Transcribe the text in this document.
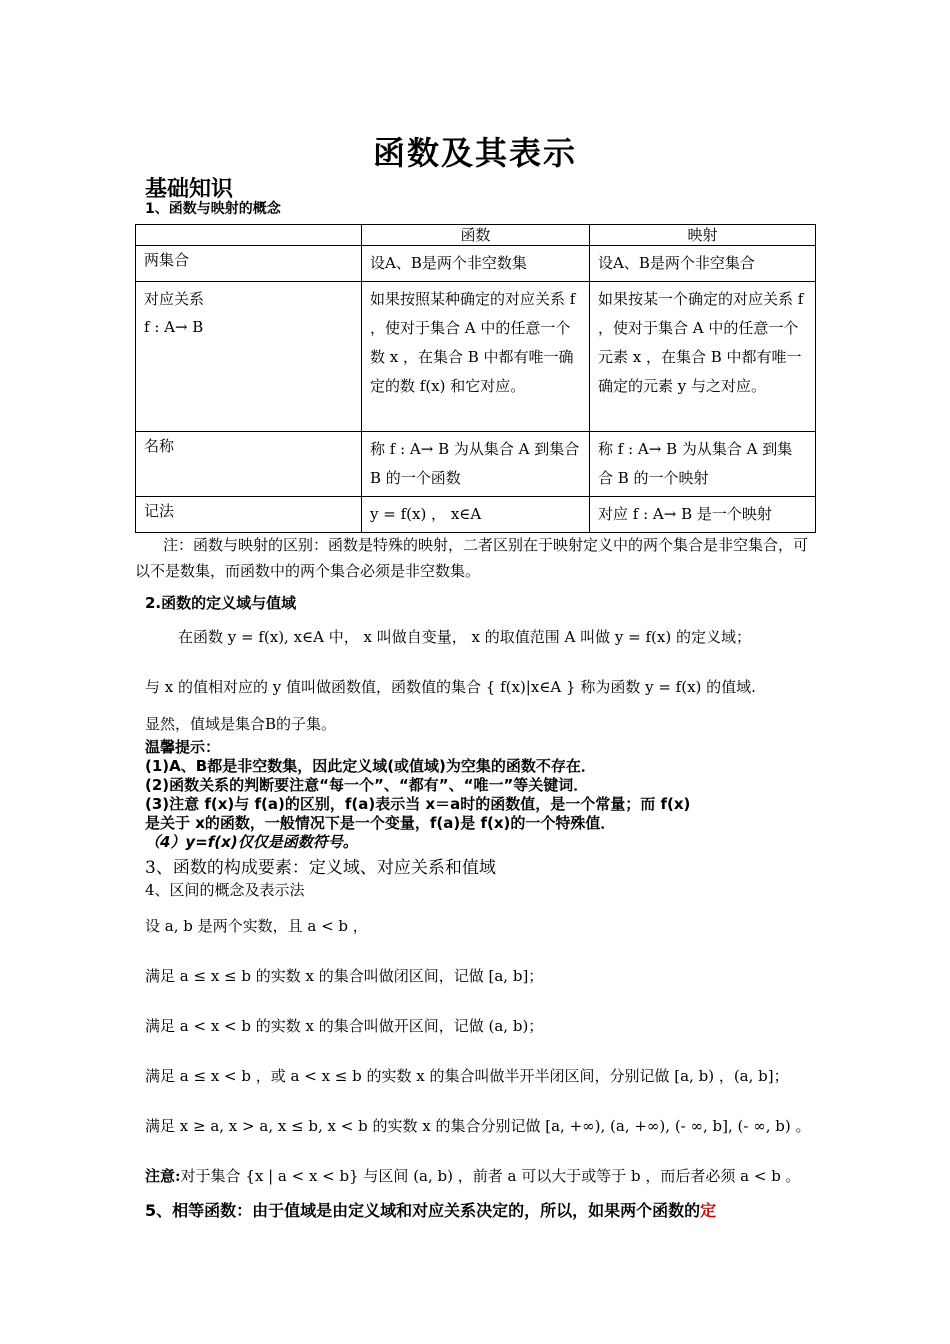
函数及其表示
基础知识
1、函数与映射的概念
	函数	映射
两集合	设A、B是两个非空数集	设A、B是两个非空集合
对应关系
f : A→ B	如果按照某种确定的对应关系 f ，使对于集合 A 中的任意一个数 x ，在集合 B 中都有唯一确定的数 f(x) 和它对应。	如果按某一个确定的对应关系 f ，使对于集合 A 中的任意一个元素 x ，在集合 B 中都有唯一确定的元素 y 与之对应。
名称	称 f : A→ B 为从集合 A 到集合 B 的一个函数	称 f : A→ B 为从集合 A 到集合 B 的一个映射
记法	y = f(x) ， x∈A	对应 f : A→ B 是一个映射
注：函数与映射的区别：函数是特殊的映射，二者区别在于映射定义中的两个集合是非空集合，可以不是数集，而函数中的两个集合必须是非空数集。
2.函数的定义域与值域
在函数 y = f(x), x∈A 中， x 叫做自变量， x 的取值范围 A 叫做 y = f(x) 的定义域；
与 x 的值相对应的 y 值叫做函数值，函数值的集合 { f(x)|x∈A } 称为函数 y = f(x) 的值域.
显然，值域是集合B的子集。
温馨提示：
(1)A、B都是非空数集，因此定义域(或值域)为空集的函数不存在．
(2)函数关系的判断要注意“每一个”、“都有”、“唯一”等关键词．
(3)注意 f(x)与 f(a)的区别，f(a)表示当 x＝a时的函数值，是一个常量；而 f(x)
是关于 x的函数，一般情况下是一个变量，f(a)是 f(x)的一个特殊值．
（4）y=f(x)仅仅是函数符号。
3、函数的构成要素：定义域、对应关系和值域
4、区间的概念及表示法
设 a, b 是两个实数，且 a < b ，
满足 a ≤ x ≤ b 的实数 x 的集合叫做闭区间，记做 [a, b]；
满足 a < x < b 的实数 x 的集合叫做开区间，记做 (a, b)；
满足 a ≤ x < b ，或 a < x ≤ b 的实数 x 的集合叫做半开半闭区间，分别记做 [a, b) ，(a, b]；
满足 x ≥ a, x > a, x ≤ b, x < b 的实数 x 的集合分别记做 [a, +∞), (a, +∞), (- ∞, b], (- ∞, b) 。
注意:对于集合 {x | a < x < b} 与区间 (a, b) ，前者 a 可以大于或等于 b ，而后者必须 a < b 。
5、相等函数：由于值域是由定义域和对应关系决定的，所以，如果两个函数的定
